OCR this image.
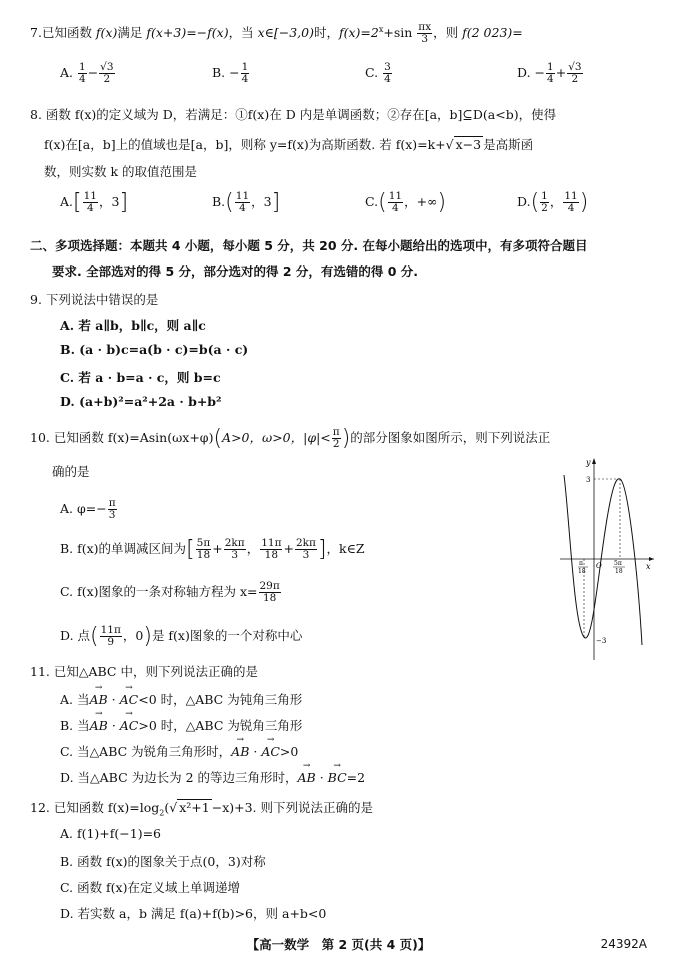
7.已知函数 f(x)满足 f(x+3)=−f(x)，当 x∈[−3,0)时，$f(x)=2^x+\sin \frac{\pi x}{3}$ ，则 f(2 023)=
A. $\frac{1}{4} - \frac{√3}{2}$	B. − $\frac{1}{4}$	C. $\frac{3}{4}$	D. − $\frac{1}{4} + \frac{√3}{2}$
8. 函数 f(x)的定义域为 D，若满足：①f(x)在 D 内是单调函数；②存在[a，b]⊆D(a<b)，使得
f(x)在[a，b]上的值域也是[a，b]，则称 y=f(x)为高斯函数. 若 f(x)=k+√ x−3 是高斯函
数，则实数 k 的取值范围是
$A.[ \frac{11}{4}$ ，3]	$B.( \frac{11}{4}$ ，3]	$C.( \frac{11}{4}$ ，+∞)	$D.( \frac{1}{2}$ ， $\frac{11}{4}$ )
二、多项选择题：本题共 4 小题，每小题 5 分，共 20 分. 在每小题给出的选项中，有多项符合题目
要求. 全部选对的得 5 分，部分选对的得 2 分，有选错的得 0 分.
9. 下列说法中错误的是
A. 若 a∥b，b∥c，则 a∥c
B. (a · b)c=a(b · c)=b(a · c)
C. 若 a · b=a · c，则 b=c
D. (a+b)²=a²+2a · b+b²
10. 已知函数 f(x)=Asin(ωx+φ)(A>0，ω>0，$|\varphi|< \frac{\pi}{2}$ )的部分图象如图所示，则下列说法正
确的是
A. $\varphi=- \frac{\pi}{3}$
B. f(x)的单调减区间为[ $\frac{5\pi}{18} + \frac{2k\pi}{3}$ ， $\frac{11\pi}{18} + \frac{2k\pi}{3}$ ]，k∈Z
C. f(x)图象的一条对称轴方程为 $x= \frac{29\pi}{18}$
D. 点( $\frac{11\pi}{9}$ ，0)是 f(x)图象的一个对称中心
y
x
O
3
−3
π
18
5π
18
11. 已知△ABC 中，则下列说法正确的是
A. 当→ AB · → AC<0 时，△ABC 为钝角三角形
B. 当→ AB · → AC>0 时，△ABC 为锐角三角形
C. 当△ABC 为锐角三角形时，→ AB · → AC>0
D. 当△ABC 为边长为 2 的等边三角形时，→ AB · → BC=2
12. 已知函数 $f(x)=\log_2(√$ x²+1 −x)+3. 则下列说法正确的是
A. f(1)+f(−1)=6
B. 函数 f(x)的图象关于点(0，3)对称
C. 函数 f(x)在定义域上单调递增
D. 若实数 a，b 满足 f(a)+f(b)>6，则 a+b<0
【高一数学　第 2 页(共 4 页)】	24392A
